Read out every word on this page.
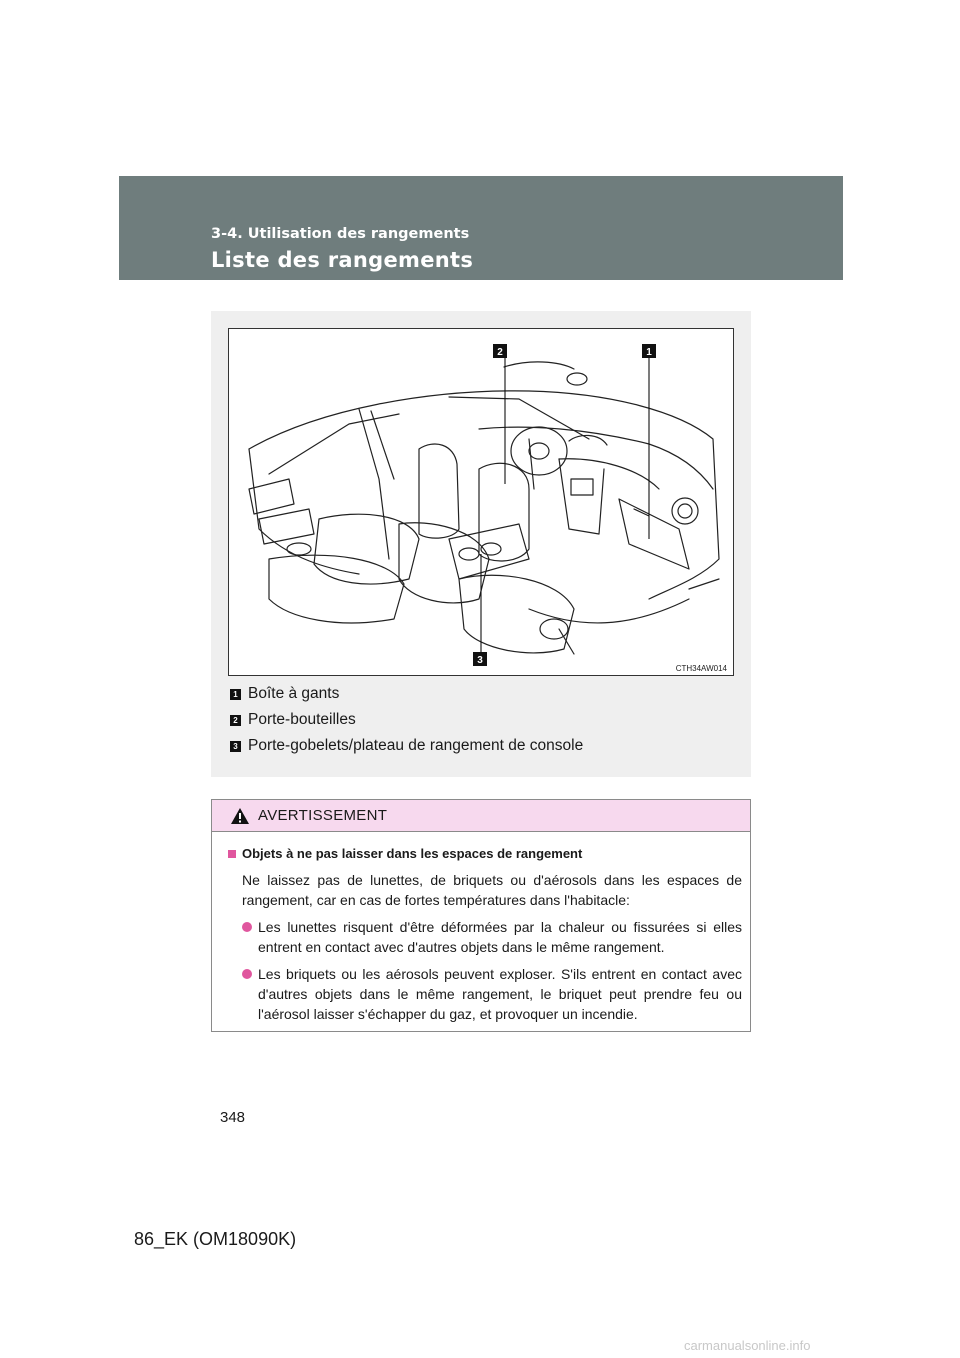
3-4. Utilisation des rangements
Liste des rangements
1
2
3
CTH34AW014
1 Boîte à gants
2 Porte-bouteilles
3 Porte-gobelets/plateau de rangement de console
AVERTISSEMENT
Objets à ne pas laisser dans les espaces de rangement
Ne laissez pas de lunettes, de briquets ou d'aérosols dans les espaces de rangement, car en cas de fortes températures dans l'habitacle:
Les lunettes risquent d'être déformées par la chaleur ou fissurées si elles entrent en contact avec d'autres objets dans le même rangement.
Les briquets ou les aérosols peuvent exploser. S'ils entrent en contact avec d'autres objets dans le même rangement, le briquet peut prendre feu ou l'aérosol laisser s'échapper du gaz, et provoquer un incendie.
348
86_EK (OM18090K)
carmanualsonline.info
